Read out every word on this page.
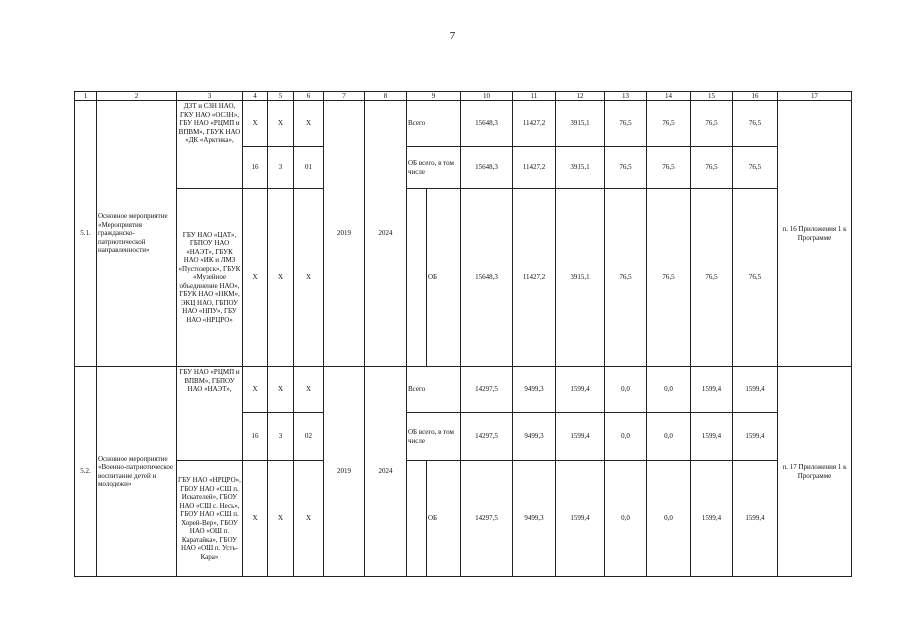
7
1	2	3	4	5	6	7	8	9		10	11	12	13	14	15	16	17
5.1.	Основное мероприятие «Мероприятия гражданско-патриотической направленности»	ДЗТ и СЗН НАО, ГКУ НАО «ОСЗН», ГБУ НАО «РЦМП и ВПВМ», ГБУК НАО «ДК «Арктика»,	Х	Х	Х	2019	2024	Всего		15648,3	11427,2	3915,1	76,5	76,5	76,5	76,5	п. 16 Приложения 1 к Программе
			16	3	01			ОБ всего, в том числе		15648,3	11427,2	3915,1	76,5	76,5	76,5	76,5	
		ГБУ НАО «ЦАТ», ГБПОУ НАО «НАЭТ», ГБУК НАО «ИК и ЛМЗ «Пустозерск», ГБУК «Музейное объединение НАО», ГБУК НАО «НКМ», ЭКЦ НАО, ГБПОУ НАО «НПУ», ГБУ НАО «НРЦРО»	Х	Х	Х				ОБ	15648,3	11427,2	3915,1	76,5	76,5	76,5	76,5	
5.2.	Основное мероприятие «Военно-патриотическое воспитание детей и молодежи»	ГБУ НАО «РЦМП и ВПВМ», ГБПОУ НАО «НАЭТ»,	Х	Х	Х	2019	2024	Всего		14297,5	9499,3	1599,4	0,0	0,0	1599,4	1599,4	п. 17 Приложения 1 к Программе
			16	3	02			ОБ всего, в том числе		14297,5	9499,3	1599,4	0,0	0,0	1599,4	1599,4	
		ГБУ НАО «НРЦРО», ГБОУ НАО «СШ п. Искателей», ГБОУ НАО «СШ с. Несь», ГБОУ НАО «СШ п. Хорей-Вер», ГБОУ НАО «ОШ п. Каратайка», ГБОУ НАО «ОШ п. Усть-Кара»	Х	Х	Х				ОБ	14297,5	9499,3	1599,4	0,0	0,0	1599,4	1599,4	
